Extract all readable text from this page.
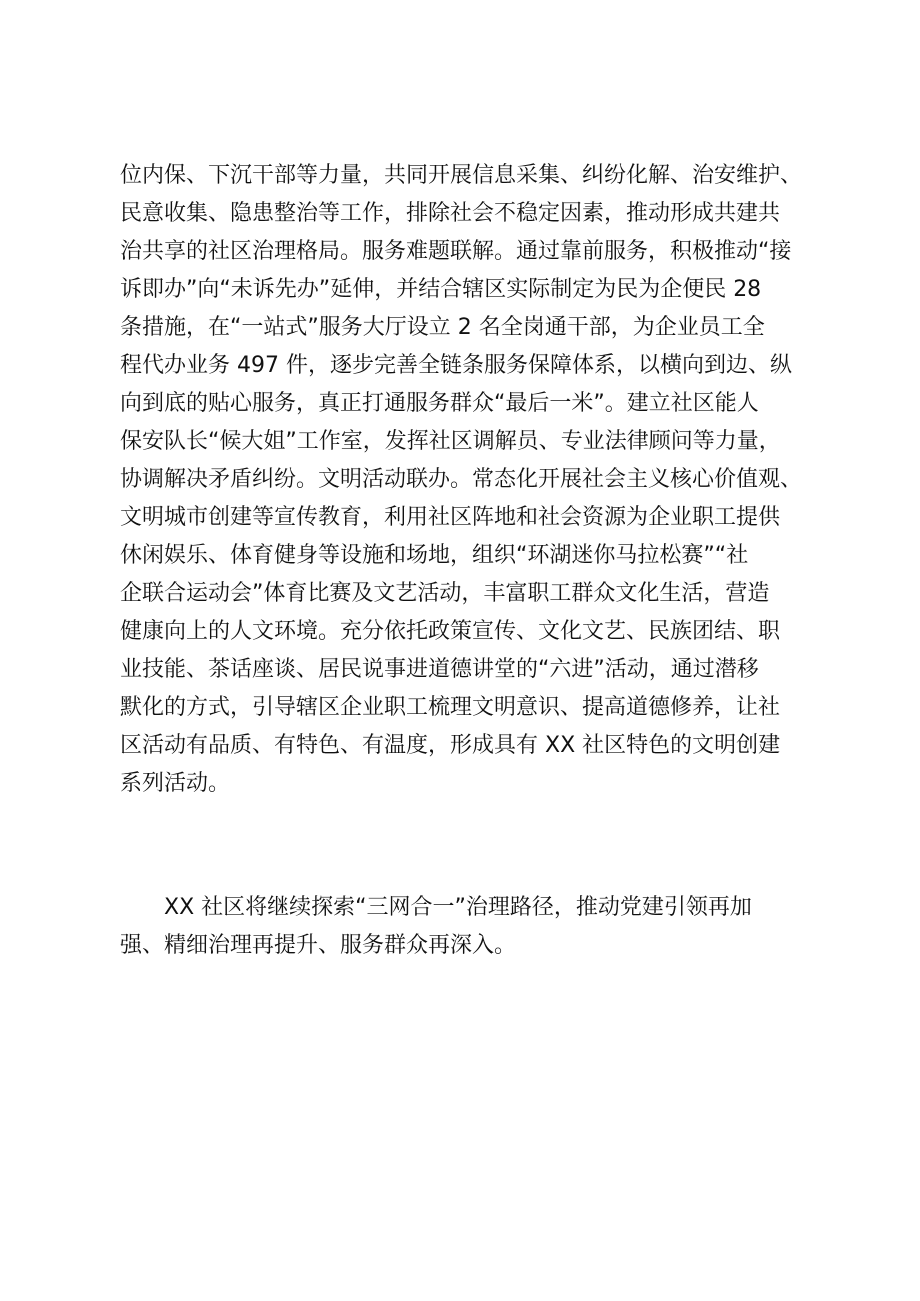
位内保、下沉干部等力量，共同开展信息采集、纠纷化解、治安维护、
民意收集、隐患整治等工作，排除社会不稳定因素，推动形成共建共
治共享的社区治理格局。服务难题联解。通过靠前服务，积极推动“接
诉即办”向“未诉先办”延伸，并结合辖区实际制定为民为企便民 28
条措施，在“一站式”服务大厅设立 2 名全岗通干部，为企业员工全
程代办业务 497 件，逐步完善全链条服务保障体系，以横向到边、纵
向到底的贴心服务，真正打通服务群众“最后一米”。建立社区能人
保安队长“候大姐”工作室，发挥社区调解员、专业法律顾问等力量，
协调解决矛盾纠纷。文明活动联办。常态化开展社会主义核心价值观、
文明城市创建等宣传教育，利用社区阵地和社会资源为企业职工提供
休闲娱乐、体育健身等设施和场地，组织“环湖迷你马拉松赛”“社
企联合运动会”体育比赛及文艺活动，丰富职工群众文化生活，营造
健康向上的人文环境。充分依托政策宣传、文化文艺、民族团结、职
业技能、茶话座谈、居民说事进道德讲堂的“六进”活动，通过潜移
默化的方式，引导辖区企业职工梳理文明意识、提高道德修养，让社
区活动有品质、有特色、有温度，形成具有 XX 社区特色的文明创建
系列活动。

XX 社区将继续探索“三网合一”治理路径，推动党建引领再加
强、精细治理再提升、服务群众再深入。
